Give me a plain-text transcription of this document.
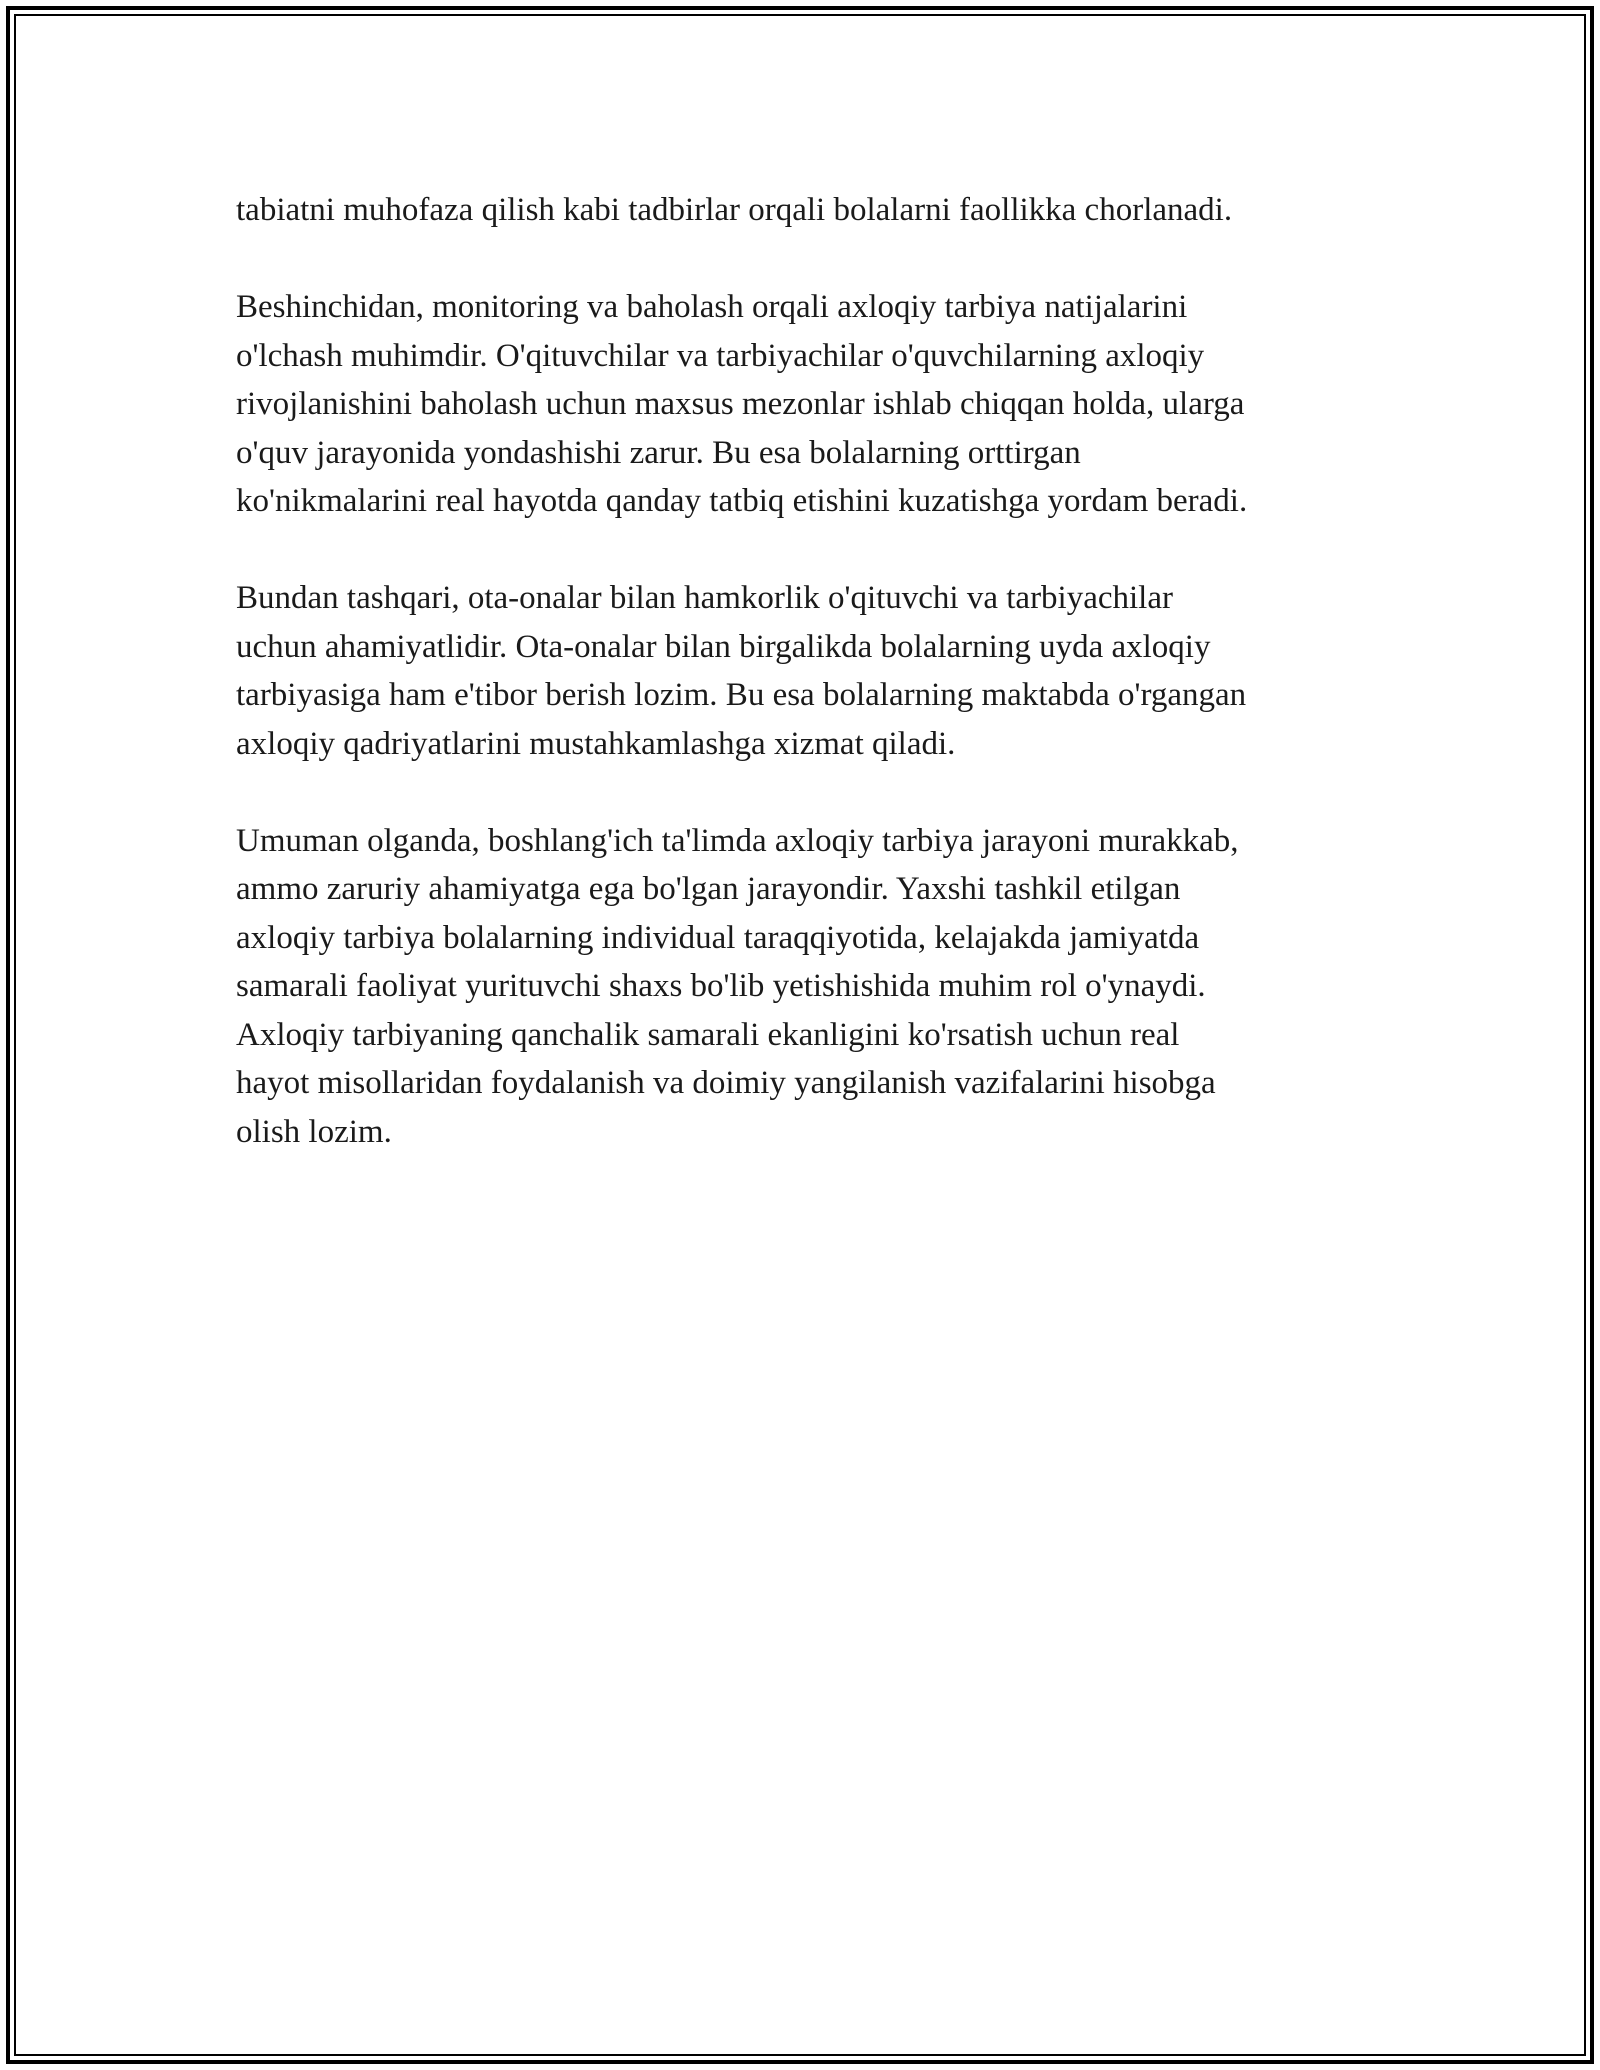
tabiatni muhofaza qilish kabi tadbirlar orqali bolalarni faollikka chorlanadi.

Beshinchidan, monitoring va baholash orqali axloqiy tarbiya natijalarini
o'lchash muhimdir. O'qituvchilar va tarbiyachilar o'quvchilarning axloqiy
rivojlanishini baholash uchun maxsus mezonlar ishlab chiqqan holda, ularga
o'quv jarayonida yondashishi zarur. Bu esa bolalarning orttirgan
ko'nikmalarini real hayotda qanday tatbiq etishini kuzatishga yordam beradi.

Bundan tashqari, ota-onalar bilan hamkorlik o'qituvchi va tarbiyachilar
uchun ahamiyatlidir. Ota-onalar bilan birgalikda bolalarning uyda axloqiy
tarbiyasiga ham e'tibor berish lozim. Bu esa bolalarning maktabda o'rgangan
axloqiy qadriyatlarini mustahkamlashga xizmat qiladi.

Umuman olganda, boshlang'ich ta'limda axloqiy tarbiya jarayoni murakkab,
ammo zaruriy ahamiyatga ega bo'lgan jarayondir. Yaxshi tashkil etilgan
axloqiy tarbiya bolalarning individual taraqqiyotida, kelajakda jamiyatda
samarali faoliyat yurituvchi shaxs bo'lib yetishishida muhim rol o'ynaydi.
Axloqiy tarbiyaning qanchalik samarali ekanligini ko'rsatish uchun real
hayot misollaridan foydalanish va doimiy yangilanish vazifalarini hisobga
olish lozim.
